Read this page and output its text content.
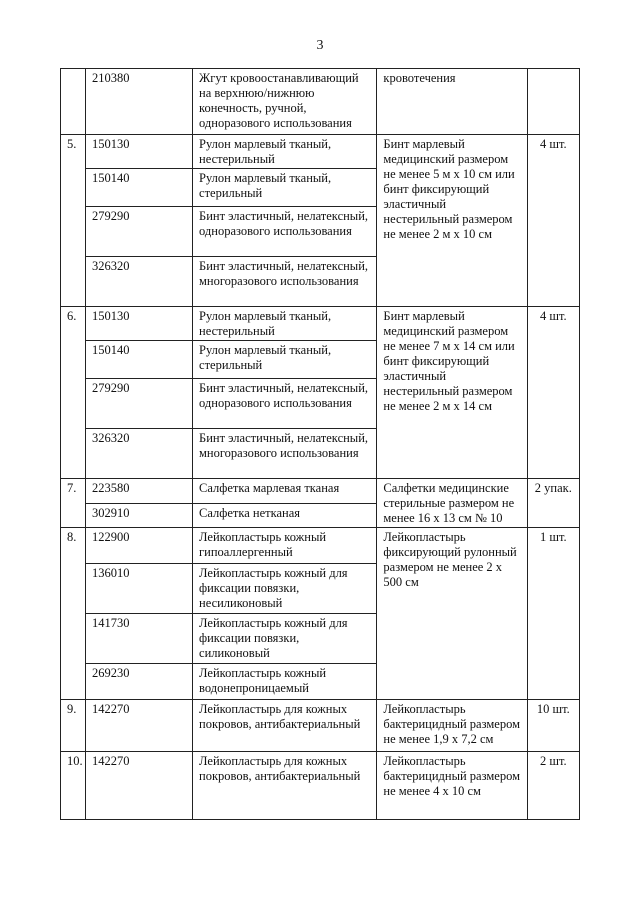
3
	210380	Жгут кровоостанавливающий на верхнюю/нижнюю конечность, ручной, одноразового использования	кровотечения	
5.	150130	Рулон марлевый тканый, нестерильный	Бинт марлевый медицинский размером не менее 5 м х 10 см или бинт фиксирующий эластичный нестерильный размером не менее 2 м х 10 см	4 шт.
	150140	Рулон марлевый тканый, стерильный		
	279290	Бинт эластичный, нелатексный, одноразового использования		
	326320	Бинт эластичный, нелатексный, многоразового использования		
6.	150130	Рулон марлевый тканый, нестерильный	Бинт марлевый медицинский размером не менее 7 м х 14 см или бинт фиксирующий эластичный нестерильный размером не менее 2 м х 14 см	4 шт.
	150140	Рулон марлевый тканый, стерильный		
	279290	Бинт эластичный, нелатексный, одноразового использования		
	326320	Бинт эластичный, нелатексный, многоразового использования		
7.	223580	Салфетка марлевая тканая	Салфетки медицинские стерильные размером не менее 16 х 13 см № 10	2 упак.
	302910	Салфетка нетканая		
8.	122900	Лейкопластырь кожный гипоаллергенный	Лейкопластырь фиксирующий рулонный размером не менее 2 х 500 см	1 шт.
	136010	Лейкопластырь кожный для фиксации повязки, несиликоновый		
	141730	Лейкопластырь кожный для фиксации повязки, силиконовый		
	269230	Лейкопластырь кожный водонепроницаемый		
9.	142270	Лейкопластырь для кожных покровов, антибактериальный	Лейкопластырь бактерицидный размером не менее 1,9 х 7,2 см	10 шт.
10.	142270	Лейкопластырь для кожных покровов, антибактериальный	Лейкопластырь бактерицидный размером не менее 4 х 10 см	2 шт.
